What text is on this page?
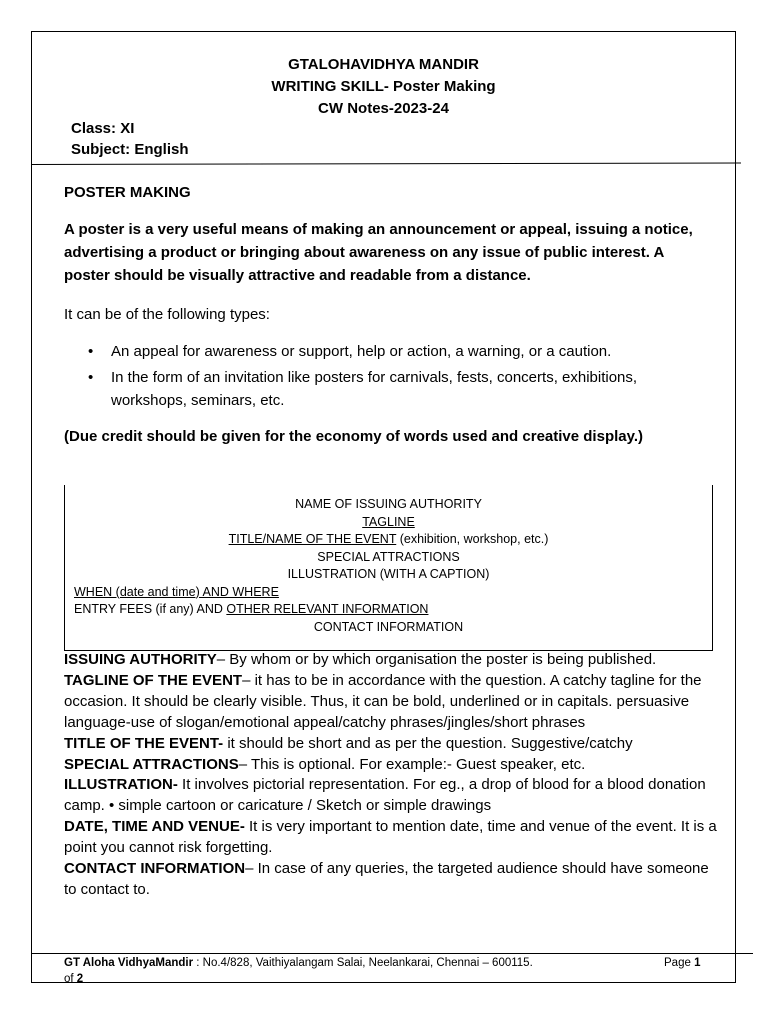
GTALOHAVIDHYA MANDIR
WRITING SKILL- Poster Making
CW Notes-2023-24
Class: XI
Subject: English
POSTER MAKING
A poster is a very useful means of making an announcement or appeal, issuing a notice, advertising a product or bringing about awareness on any issue of public interest. A poster should be visually attractive and readable from a distance.
It can be of the following types:
• An appeal for awareness or support, help or action, a warning, or a caution.
• In the form of an invitation like posters for carnivals, fests, concerts, exhibitions, workshops, seminars, etc.
(Due credit should be given for the economy of words used and creative display.)
NAME OF ISSUING AUTHORITY
TAGLINE
TITLE/NAME OF THE EVENT (exhibition, workshop, etc.)
SPECIAL ATTRACTIONS
ILLUSTRATION (WITH A CAPTION)
WHEN (date and time) AND WHERE
ENTRY FEES (if any) AND OTHER RELEVANT INFORMATION
CONTACT INFORMATION

ISSUING AUTHORITY– By whom or by which organisation the poster is being published.

TAGLINE OF THE EVENT– it has to be in accordance with the question. A catchy tagline for the occasion. It should be clearly visible. Thus, it can be bold, underlined or in capitals. persuasive language-use of slogan/emotional appeal/catchy phrases/jingles/short phrases

TITLE OF THE EVENT- it should be short and as per the question. Suggestive/catchy

SPECIAL ATTRACTIONS– This is optional. For example:- Guest speaker, etc.

ILLUSTRATION- It involves pictorial representation. For eg., a drop of blood for a blood donation camp. • simple cartoon or caricature / Sketch or simple drawings

DATE, TIME AND VENUE- It is very important to mention date, time and venue of the event. It is a point you cannot risk forgetting.

CONTACT INFORMATION– In case of any queries, the targeted audience should have someone to contact to.

GT Aloha VidhyaMandir : No.4/828, Vaithiyalangam Salai, Neelankarai, Chennai – 600115.
of 2
Page 1
